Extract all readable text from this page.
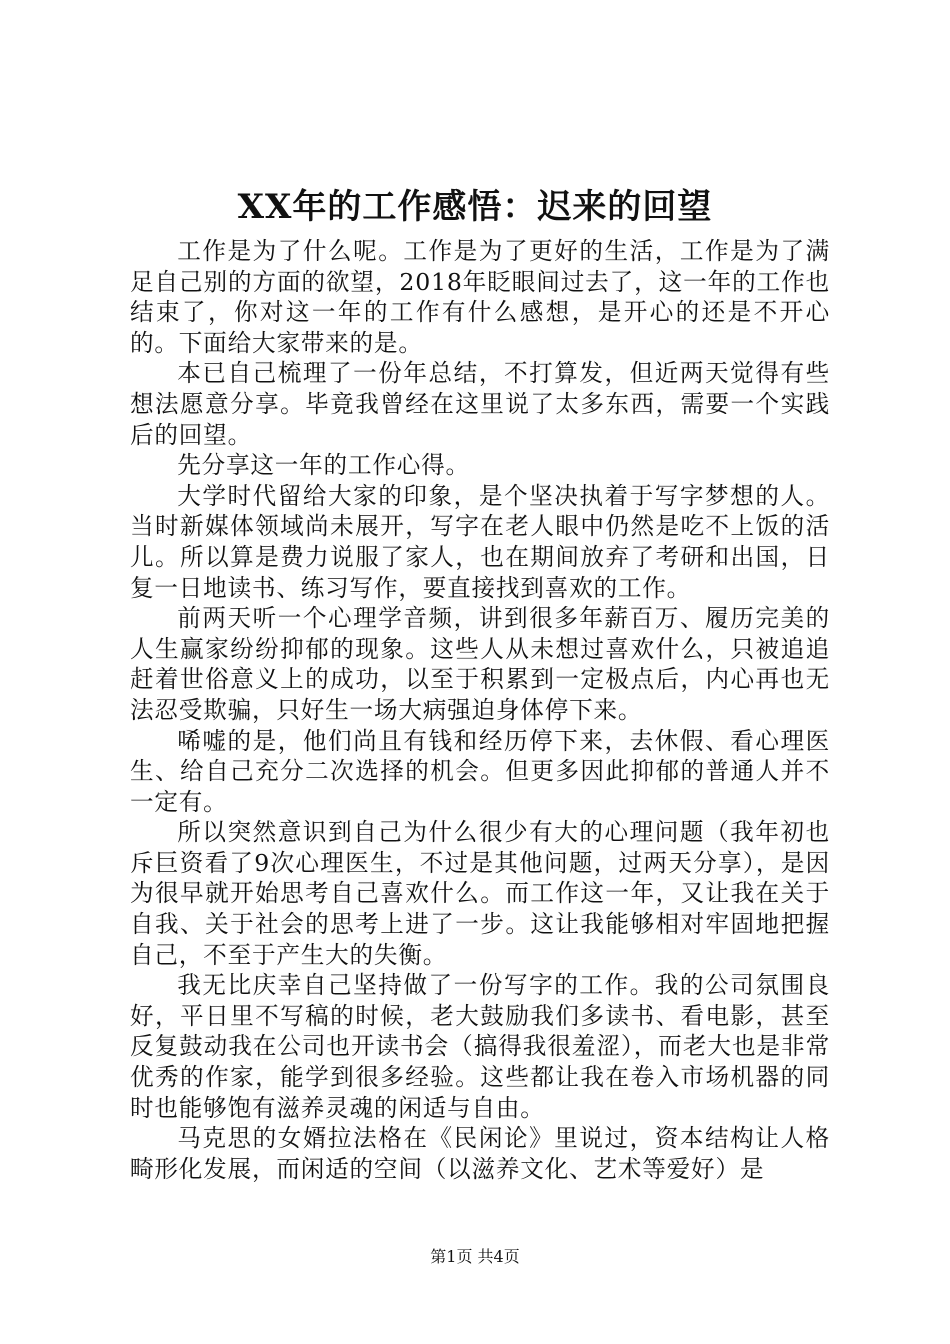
XX年的工作感悟：迟来的回望

工作是为了什么呢。工作是为了更好的生活，工作是为了满足自己别的方面的欲望，2018年眨眼间过去了，这一年的工作也结束了，你对这一年的工作有什么感想，是开心的还是不开心的。下面给大家带来的是。

本已自己梳理了一份年总结，不打算发，但近两天觉得有些想法愿意分享。毕竟我曾经在这里说了太多东西，需要一个实践后的回望。

先分享这一年的工作心得。

大学时代留给大家的印象，是个坚决执着于写字梦想的人。当时新媒体领域尚未展开，写字在老人眼中仍然是吃不上饭的活儿。所以算是费力说服了家人，也在期间放弃了考研和出国，日复一日地读书、练习写作，要直接找到喜欢的工作。

前两天听一个心理学音频，讲到很多年薪百万、履历完美的人生赢家纷纷抑郁的现象。这些人从未想过喜欢什么，只被追追赶着世俗意义上的成功，以至于积累到一定极点后，内心再也无法忍受欺骗，只好生一场大病强迫身体停下来。

唏嘘的是，他们尚且有钱和经历停下来，去休假、看心理医生、给自己充分二次选择的机会。但更多因此抑郁的普通人并不一定有。

所以突然意识到自己为什么很少有大的心理问题（我年初也斥巨资看了9次心理医生，不过是其他问题，过两天分享），是因为很早就开始思考自己喜欢什么。而工作这一年，又让我在关于自我、关于社会的思考上进了一步。这让我能够相对牢固地把握自己，不至于产生大的失衡。

我无比庆幸自己坚持做了一份写字的工作。我的公司氛围良好，平日里不写稿的时候，老大鼓励我们多读书、看电影，甚至反复鼓动我在公司也开读书会（搞得我很羞涩），而老大也是非常优秀的作家，能学到很多经验。这些都让我在卷入市场机器的同时也能够饱有滋养灵魂的闲适与自由。

马克思的女婿拉法格在《民闲论》里说过，资本结构让人格畸形化发展，而闲适的空间（以滋养文化、艺术等爱好）是

第1页 共4页
